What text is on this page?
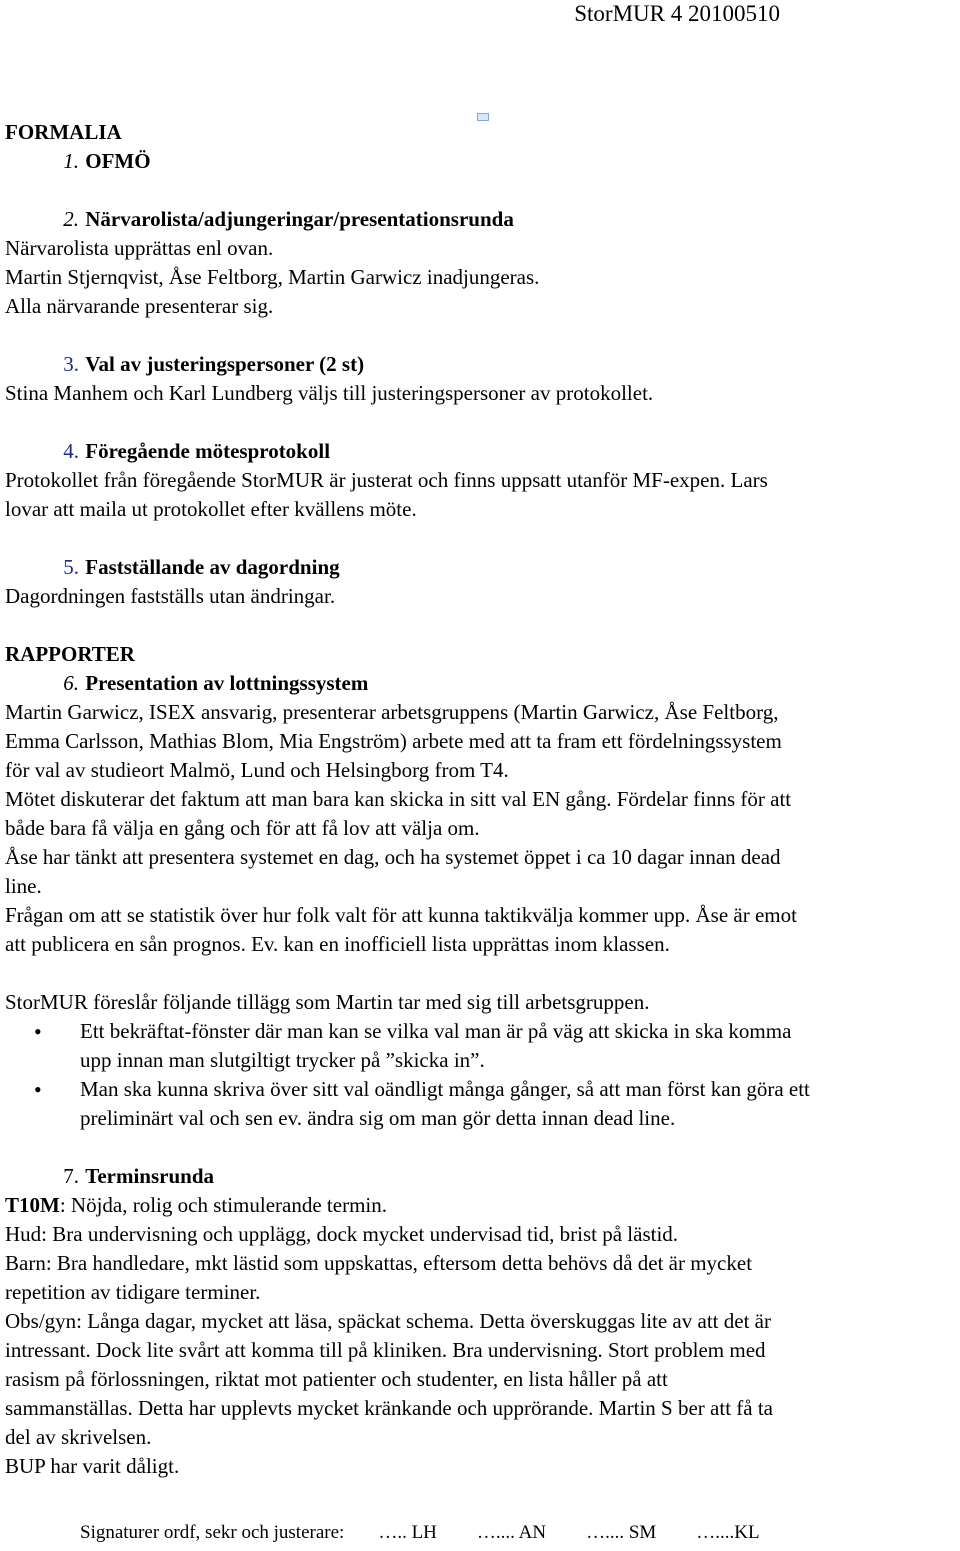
StorMUR 4 20100510
FORMALIA
1. OFMÖ
2. Närvarolista/adjungeringar/presentationsrunda
Närvarolista upprättas enl ovan.
Martin Stjernqvist, Åse Feltborg, Martin Garwicz inadjungeras.
Alla närvarande presenterar sig.
3. Val av justeringspersoner (2 st)
Stina Manhem och Karl Lundberg väljs till justeringspersoner av protokollet.
4. Föregående mötesprotokoll
Protokollet från föregående StorMUR är justerat och finns uppsatt utanför MF-expen. Lars
lovar att maila ut protokollet efter kvällens möte.
5. Fastställande av dagordning
Dagordningen fastställs utan ändringar.
RAPPORTER
6. Presentation av lottningssystem
Martin Garwicz, ISEX ansvarig, presenterar arbetsgruppens (Martin Garwicz, Åse Feltborg,
Emma Carlsson, Mathias Blom, Mia Engström) arbete med att ta fram ett fördelningssystem
för val av studieort Malmö, Lund och Helsingborg from T4.
Mötet diskuterar det faktum att man bara kan skicka in sitt val EN gång. Fördelar finns för att
både bara få välja en gång och för att få lov att välja om.
Åse har tänkt att presentera systemet en dag, och ha systemet öppet i ca 10 dagar innan dead
line.
Frågan om att se statistik över hur folk valt för att kunna taktikvälja kommer upp. Åse är emot
att publicera en sån prognos. Ev. kan en inofficiell lista upprättas inom klassen.
StorMUR föreslår följande tillägg som Martin tar med sig till arbetsgruppen.
• Ett bekräftat-fönster där man kan se vilka val man är på väg att skicka in ska komma
upp innan man slutgiltigt trycker på ”skicka in”.
• Man ska kunna skriva över sitt val oändligt många gånger, så att man först kan göra ett
preliminärt val och sen ev. ändra sig om man gör detta innan dead line.
7. Terminsrunda
T10M: Nöjda, rolig och stimulerande termin.
Hud: Bra undervisning och upplägg, dock mycket undervisad tid, brist på lästid.
Barn: Bra handledare, mkt lästid som uppskattas, eftersom detta behövs då det är mycket
repetition av tidigare terminer.
Obs/gyn: Långa dagar, mycket att läsa, späckat schema. Detta överskuggas lite av att det är
intressant. Dock lite svårt att komma till på kliniken. Bra undervisning. Stort problem med
rasism på förlossningen, riktat mot patienter och studenter, en lista håller på att
sammanställas. Detta har upplevts mycket kränkande och upprörande. Martin S ber att få ta
del av skrivelsen.
BUP har varit dåligt.
Signaturer ordf, sekr och justerare: ….. LH ….... AN ….... SM …....KL
